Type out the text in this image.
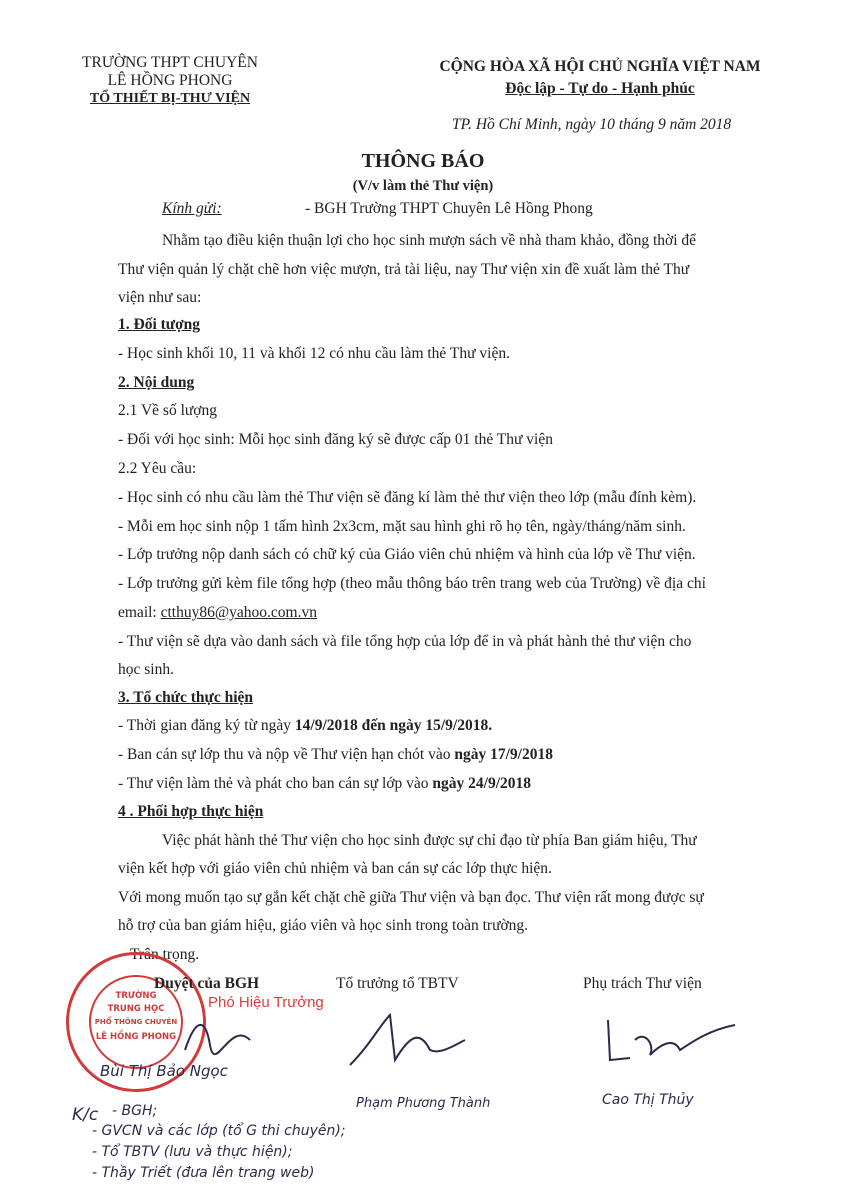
TRƯỜNG THPT CHUYÊN
LÊ HỒNG PHONG
TỔ THIẾT BỊ-THƯ VIỆN
CỘNG HÒA XÃ HỘI CHỦ NGHĨA VIỆT NAM
Độc lập - Tự do - Hạnh phúc
TP. Hồ Chí Minh, ngày 10 tháng 9 năm 2018
THÔNG BÁO
(V/v làm thẻ Thư viện)
Kính gửi:	- BGH Trường THPT Chuyên Lê Hồng Phong
Nhằm tạo điều kiện thuận lợi cho học sinh mượn sách về nhà tham khảo, đồng thời để
Thư viện quản lý chặt chẽ hơn việc mượn, trả tài liệu, nay Thư viện xin đề xuất làm thẻ Thư
viện như sau:
1. Đối tượng
- Học sinh khối 10, 11 và khối 12 có nhu cầu làm thẻ Thư viện.
2. Nội dung
2.1 Về số lượng
- Đối với học sinh: Mỗi học sinh đăng ký sẽ được cấp 01 thẻ Thư viện
2.2 Yêu cầu:
- Học sinh có nhu cầu làm thẻ Thư viện sẽ đăng kí làm thẻ thư viện theo lớp (mẫu đính kèm).
- Mỗi em học sinh nộp 1 tấm hình 2x3cm, mặt sau hình ghi rõ họ tên, ngày/tháng/năm sinh.
- Lớp trưởng nộp danh sách có chữ ký của Giáo viên chủ nhiệm và hình của lớp về Thư viện.
- Lớp trưởng gửi kèm file tổng hợp (theo mẫu thông báo trên trang web của Trường) về địa chỉ
email: ctthuy86@yahoo.com.vn
- Thư viện sẽ dựa vào danh sách và file tổng hợp của lớp để in và phát hành thẻ thư viện cho
học sinh.
3. Tổ chức thực hiện
- Thời gian đăng ký từ ngày 14/9/2018 đến ngày 15/9/2018.
- Ban cán sự lớp thu và nộp về Thư viện hạn chót vào ngày 17/9/2018
- Thư viện làm thẻ và phát cho ban cán sự lớp vào ngày 24/9/2018
4 . Phối hợp thực hiện
Việc phát hành thẻ Thư viện cho học sinh được sự chỉ đạo từ phía Ban giám hiệu, Thư
viện kết hợp với giáo viên chủ nhiệm và ban cán sự các lớp thực hiện.
Với mong muốn tạo sự gắn kết chặt chẽ giữa Thư viện và bạn đọc. Thư viện rất mong được sự
hỗ trợ của ban giám hiệu, giáo viên và học sinh trong toàn trường.
Trân trọng.
TRƯỜNG
TRUNG HỌC
PHỔ THÔNG CHUYÊN
LÊ HỒNG PHONG
Duyệt của BGH
Phó Hiệu Trưởng
Tổ trưởng tổ TBTV	Phụ trách Thư viện
Bùi Thị Bảo Ngọc
Phạm Phương Thành	Cao Thị Thủy
K/c - BGH;
- GVCN và các lớp (tổ G thi chuyên);
- Tổ TBTV (lưu và thực hiện);
- Thầy Triết (đưa lên trang web)
